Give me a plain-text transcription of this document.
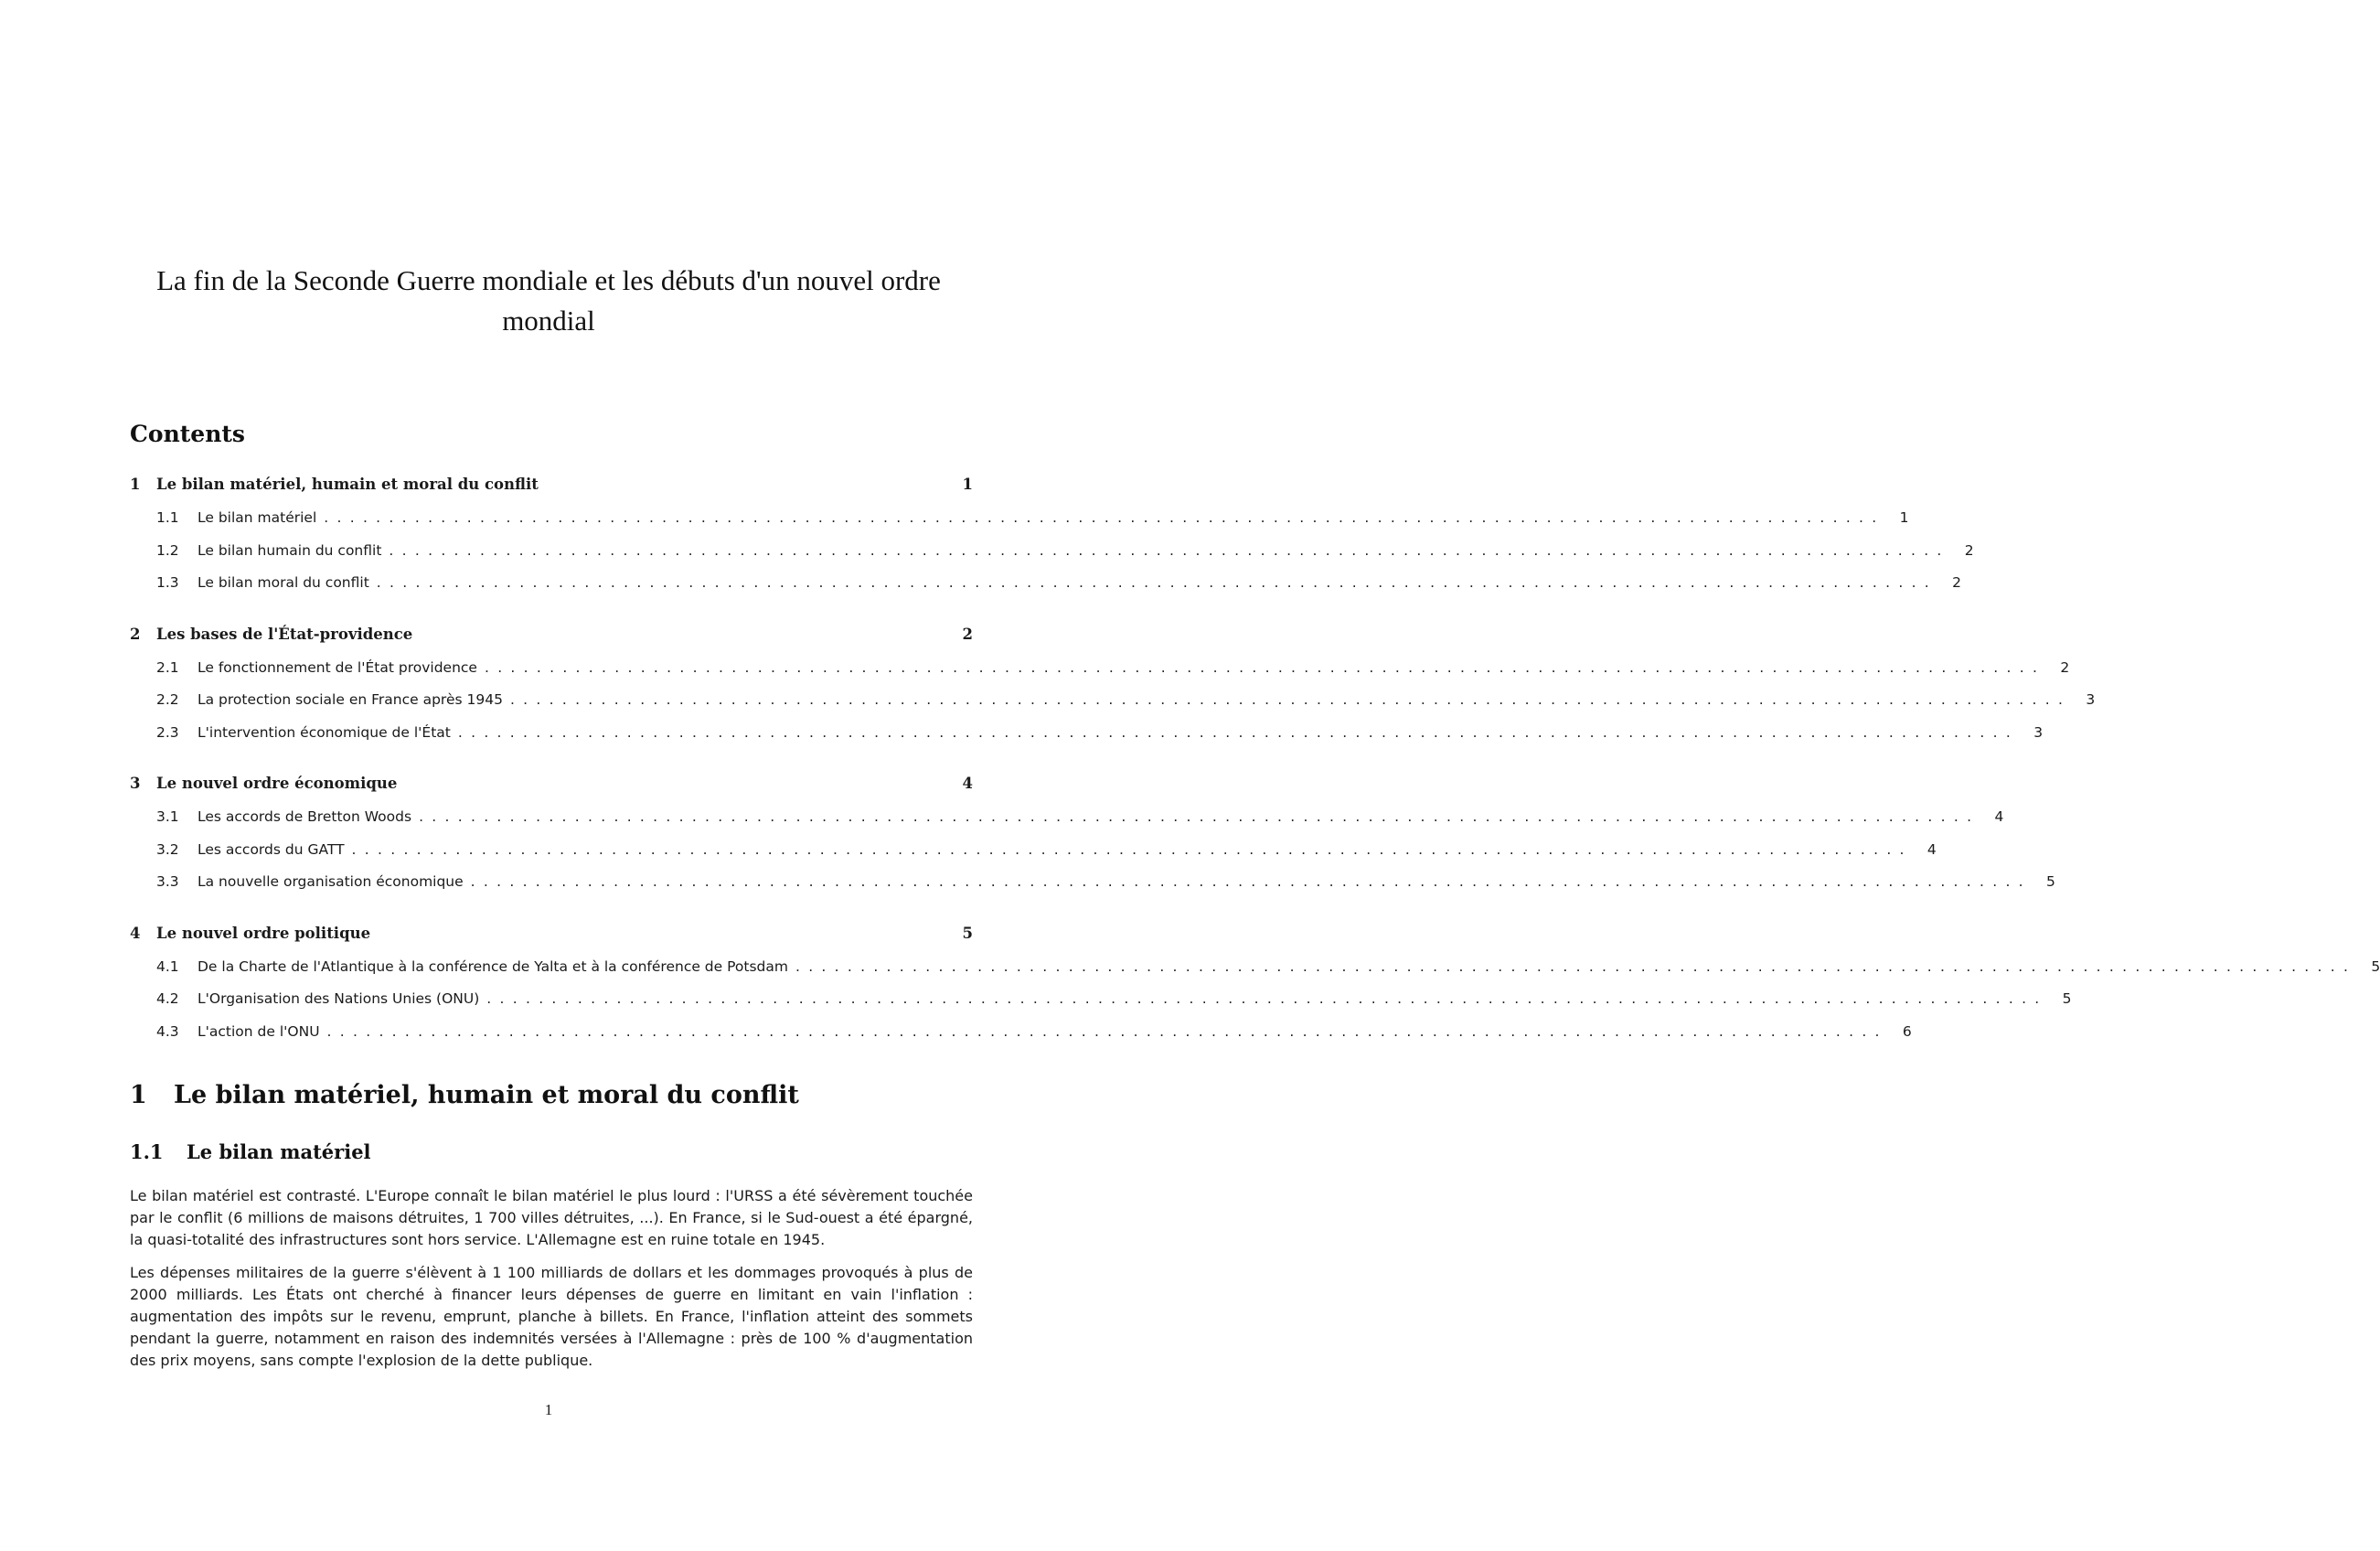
La fin de la Seconde Guerre mondiale et les débuts d'un nouvel ordre mondial
Contents
1	Le bilan matériel, humain et moral du conflit	1
1.1	Le bilan matériel ........................................................................................................................ 1
1.2	Le bilan humain du conflit ........................................................................................................................ 2
1.3	Le bilan moral du conflit ........................................................................................................................ 2
2	Les bases de l'État-providence	2
2.1	Le fonctionnement de l'État providence ........................................................................................................................ 2
2.2	La protection sociale en France après 1945 ........................................................................................................................ 3
2.3	L'intervention économique de l'État ........................................................................................................................ 3
3	Le nouvel ordre économique	4
3.1	Les accords de Bretton Woods ........................................................................................................................ 4
3.2	Les accords du GATT ........................................................................................................................ 4
3.3	La nouvelle organisation économique ........................................................................................................................ 5
4	Le nouvel ordre politique	5
4.1	De la Charte de l'Atlantique à la conférence de Yalta et à la conférence de Potsdam ........................................................................................................................ 5
4.2	L'Organisation des Nations Unies (ONU) ........................................................................................................................ 5
4.3	L'action de l'ONU ........................................................................................................................ 6
1 Le bilan matériel, humain et moral du conflit
1.1 Le bilan matériel

Le bilan matériel est contrasté. L'Europe connaît le bilan matériel le plus lourd : l'URSS a été sévèrement touchée par le conflit (6 millions de maisons détruites, 1 700 villes détruites, ...). En France, si le Sud-ouest a été épargné, la quasi-totalité des infrastructures sont hors service. L'Allemagne est en ruine totale en 1945.

Les dépenses militaires de la guerre s'élèvent à 1 100 milliards de dollars et les dommages provoqués à plus de 2000 milliards. Les États ont cherché à financer leurs dépenses de guerre en limitant en vain l'inflation : augmentation des impôts sur le revenu, emprunt, planche à billets. En France, l'inflation atteint des sommets pendant la guerre, notamment en raison des indemnités versées à l'Allemagne : près de 100 % d'augmentation des prix moyens, sans compte l'explosion de la dette publique.

1
